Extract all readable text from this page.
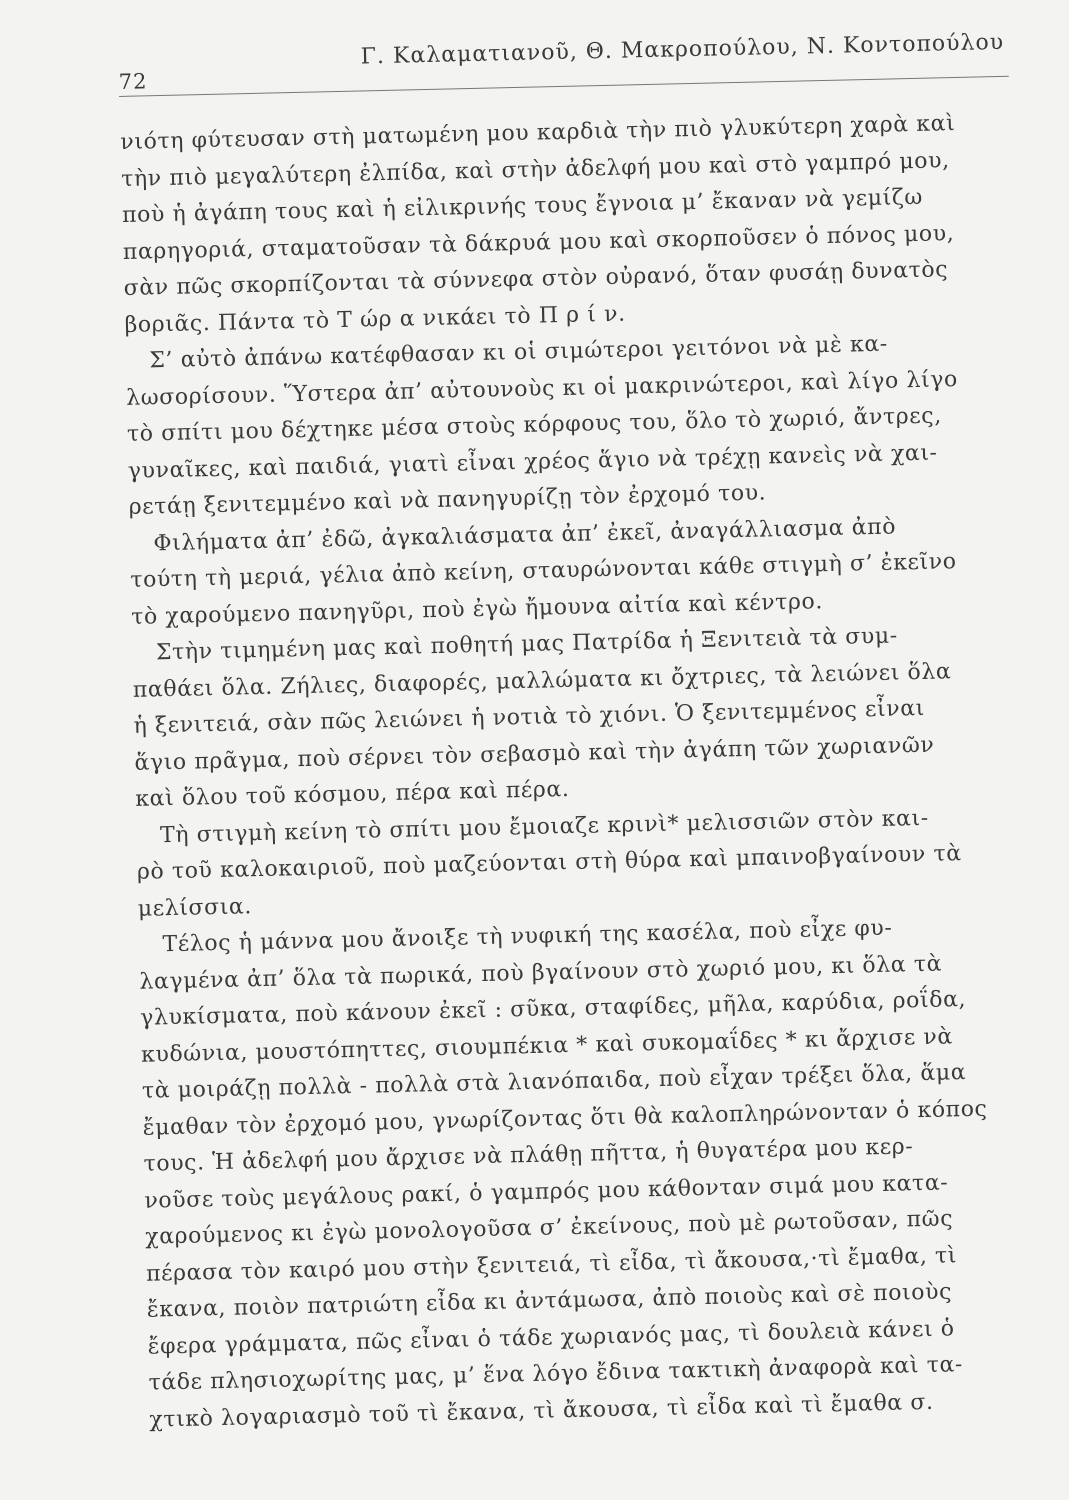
72
Γ. Καλαματιανοῦ, Θ. Μακροπούλου, Ν. Κοντοπούλου
νιότη φύτευσαν στὴ ματωμένη μου καρδιὰ τὴν πιὸ γλυκύτερη χαρὰ καὶ
τὴν πιὸ μεγαλύτερη ἐλπίδα, καὶ στὴν ἀδελφή μου καὶ στὸ γαμπρό μου,
ποὺ ἡ ἀγάπη τους καὶ ἡ εἰλικρινής τους ἔγνοια μ’ ἔκαναν νὰ γεμίζω
παρηγοριά, σταματοῦσαν τὰ δάκρυά μου καὶ σκορποῦσεν ὁ πόνος μου,
σὰν πῶς σκορπίζονται τὰ σύννεφα στὸν οὐρανό, ὅταν φυσάῃ δυνατὸς
βοριᾶς. Πάντα τὸ Τ ώρ α νικάει τὸ Π ρ ί ν.
Σ’ αὐτὸ ἀπάνω κατέφθασαν κι οἱ σιμώτεροι γειτόνοι νὰ μὲ κα-
λωσορίσουν. Ὕστερα ἀπ’ αὐτουνοὺς κι οἱ μακρινώτεροι, καὶ λίγο λίγο
τὸ σπίτι μου δέχτηκε μέσα στοὺς κόρφους του, ὅλο τὸ χωριό, ἄντρες,
γυναῖκες, καὶ παιδιά, γιατὶ εἶναι χρέος ἅγιο νὰ τρέχῃ κανεὶς νὰ χαι-
ρετάῃ ξενιτεμμένο καὶ νὰ πανηγυρίζῃ τὸν ἐρχομό του.
Φιλήματα ἀπ’ ἐδῶ, ἀγκαλιάσματα ἀπ’ ἐκεῖ, ἀναγάλλιασμα ἀπὸ
τούτη τὴ μεριά, γέλια ἀπὸ κείνη, σταυρώνονται κάθε στιγμὴ σ’ ἐκεῖνο
τὸ χαρούμενο πανηγῦρι, ποὺ ἐγὼ ἤμουνα αἰτία καὶ κέντρο.
Στὴν τιμημένη μας καὶ ποθητή μας Πατρίδα ἡ Ξενιτειὰ τὰ συμ-
παθάει ὅλα. Ζήλιες, διαφορές, μαλλώματα κι ὄχτριες, τὰ λειώνει ὅλα
ἡ ξενιτειά, σὰν πῶς λειώνει ἡ νοτιὰ τὸ χιόνι. Ὁ ξενιτεμμένος εἶναι
ἅγιο πρᾶγμα, ποὺ σέρνει τὸν σεβασμὸ καὶ τὴν ἀγάπη τῶν χωριανῶν
καὶ ὅλου τοῦ κόσμου, πέρα καὶ πέρα.
Τὴ στιγμὴ κείνη τὸ σπίτι μου ἔμοιαζε κρινὶ* μελισσιῶν στὸν και-
ρὸ τοῦ καλοκαιριοῦ, ποὺ μαζεύονται στὴ θύρα καὶ μπαινοβγαίνουν τὰ
μελίσσια.
Τέλος ἡ μάννα μου ἄνοιξε τὴ νυφική της κασέλα, ποὺ εἶχε φυ-
λαγμένα ἀπ’ ὅλα τὰ πωρικά, ποὺ βγαίνουν στὸ χωριό μου, κι ὅλα τὰ
γλυκίσματα, ποὺ κάνουν ἐκεῖ : σῦκα, σταφίδες, μῆλα, καρύδια, ροΐδα,
κυδώνια, μουστόπηττες, σιουμπέκια * καὶ συκομαΐδες * κι ἄρχισε νὰ
τὰ μοιράζῃ πολλὰ - πολλὰ στὰ λιανόπαιδα, ποὺ εἶχαν τρέξει ὅλα, ἅμα
ἔμαθαν τὸν ἐρχομό μου, γνωρίζοντας ὅτι θὰ καλοπληρώνονταν ὁ κόπος
τους. Ἡ ἀδελφή μου ἄρχισε νὰ πλάθῃ πῆττα, ἡ θυγατέρα μου κερ-
νοῦσε τοὺς μεγάλους ρακί, ὁ γαμπρός μου κάθονταν σιμά μου κατα-
χαρούμενος κι ἐγὼ μονολογοῦσα σ’ ἐκείνους, ποὺ μὲ ρωτοῦσαν, πῶς
πέρασα τὸν καιρό μου στὴν ξενιτειά, τὶ εἶδα, τὶ ἄκουσα,·τὶ ἔμαθα, τὶ
ἔκανα, ποιὸν πατριώτη εἶδα κι ἀντάμωσα, ἀπὸ ποιοὺς καὶ σὲ ποιοὺς
ἔφερα γράμματα, πῶς εἶναι ὁ τάδε χωριανός μας, τὶ δουλειὰ κάνει ὁ
τάδε πλησιοχωρίτης μας, μ’ ἕνα λόγο ἔδινα τακτικὴ ἀναφορὰ καὶ τα-
χτικὸ λογαριασμὸ τοῦ τὶ ἔκανα, τὶ ἄκουσα, τὶ εἶδα καὶ τὶ ἔμαθα σ.
